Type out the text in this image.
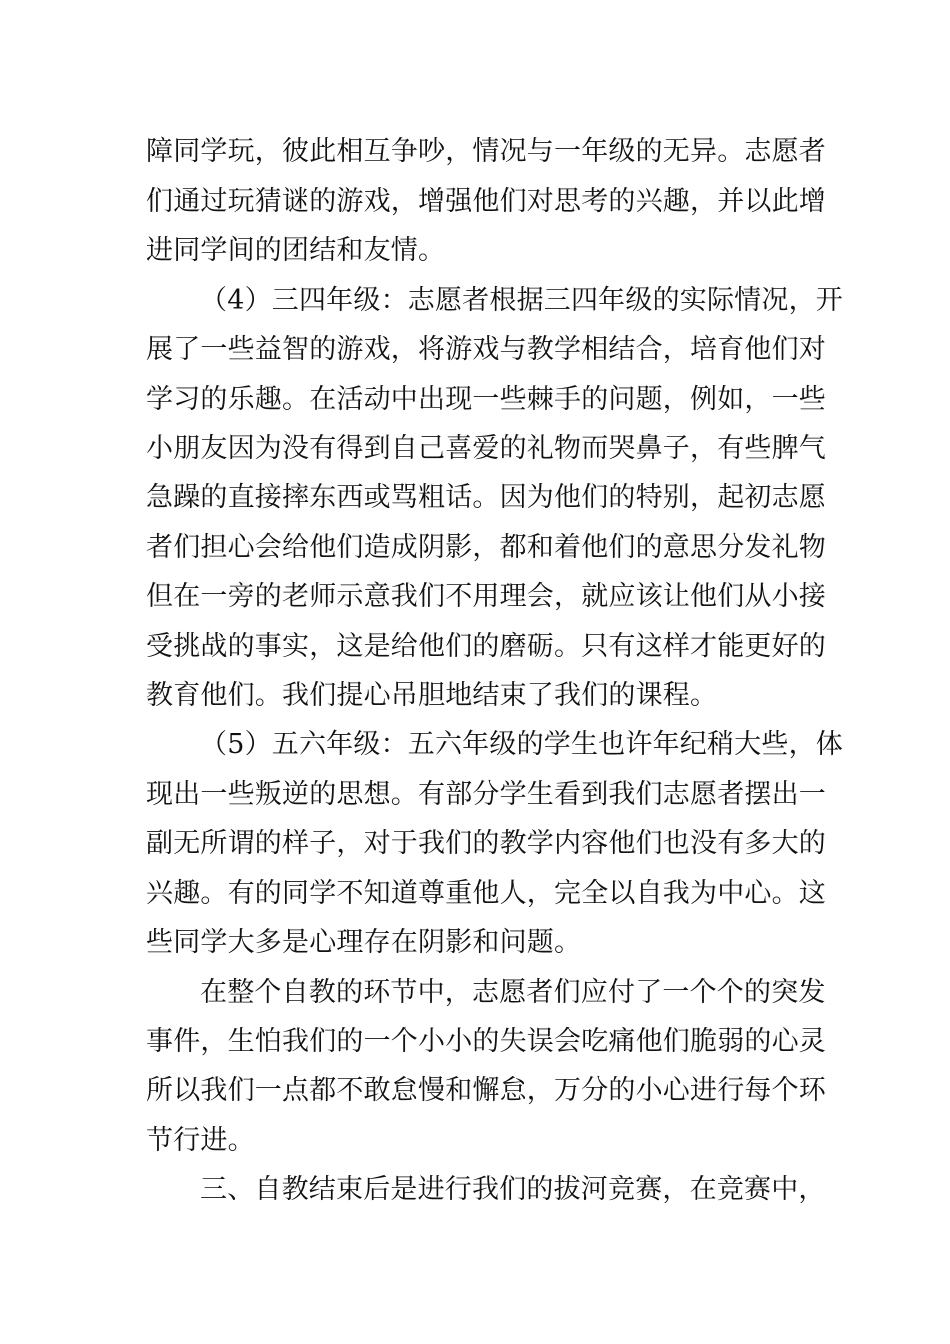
障同学玩，彼此相互争吵，情况与一年级的无异。志愿者
们通过玩猜谜的游戏，增强他们对思考的兴趣，并以此增
进同学间的团结和友情。
（4）三四年级：志愿者根据三四年级的实际情况，开
展了一些益智的游戏，将游戏与教学相结合，培育他们对
学习的乐趣。在活动中出现一些棘手的问题，例如，一些
小朋友因为没有得到自己喜爱的礼物而哭鼻子，有些脾气
急躁的直接摔东西或骂粗话。因为他们的特别，起初志愿
者们担心会给他们造成阴影，都和着他们的意思分发礼物
但在一旁的老师示意我们不用理会，就应该让他们从小接
受挑战的事实，这是给他们的磨砺。只有这样才能更好的
教育他们。我们提心吊胆地结束了我们的课程。
（5）五六年级：五六年级的学生也许年纪稍大些，体
现出一些叛逆的思想。有部分学生看到我们志愿者摆出一
副无所谓的样子，对于我们的教学内容他们也没有多大的
兴趣。有的同学不知道尊重他人，完全以自我为中心。这
些同学大多是心理存在阴影和问题。
在整个自教的环节中，志愿者们应付了一个个的突发
事件，生怕我们的一个小小的失误会吃痛他们脆弱的心灵
所以我们一点都不敢怠慢和懈怠，万分的小心进行每个环
节行进。
三、自教结束后是进行我们的拔河竞赛，在竞赛中，
